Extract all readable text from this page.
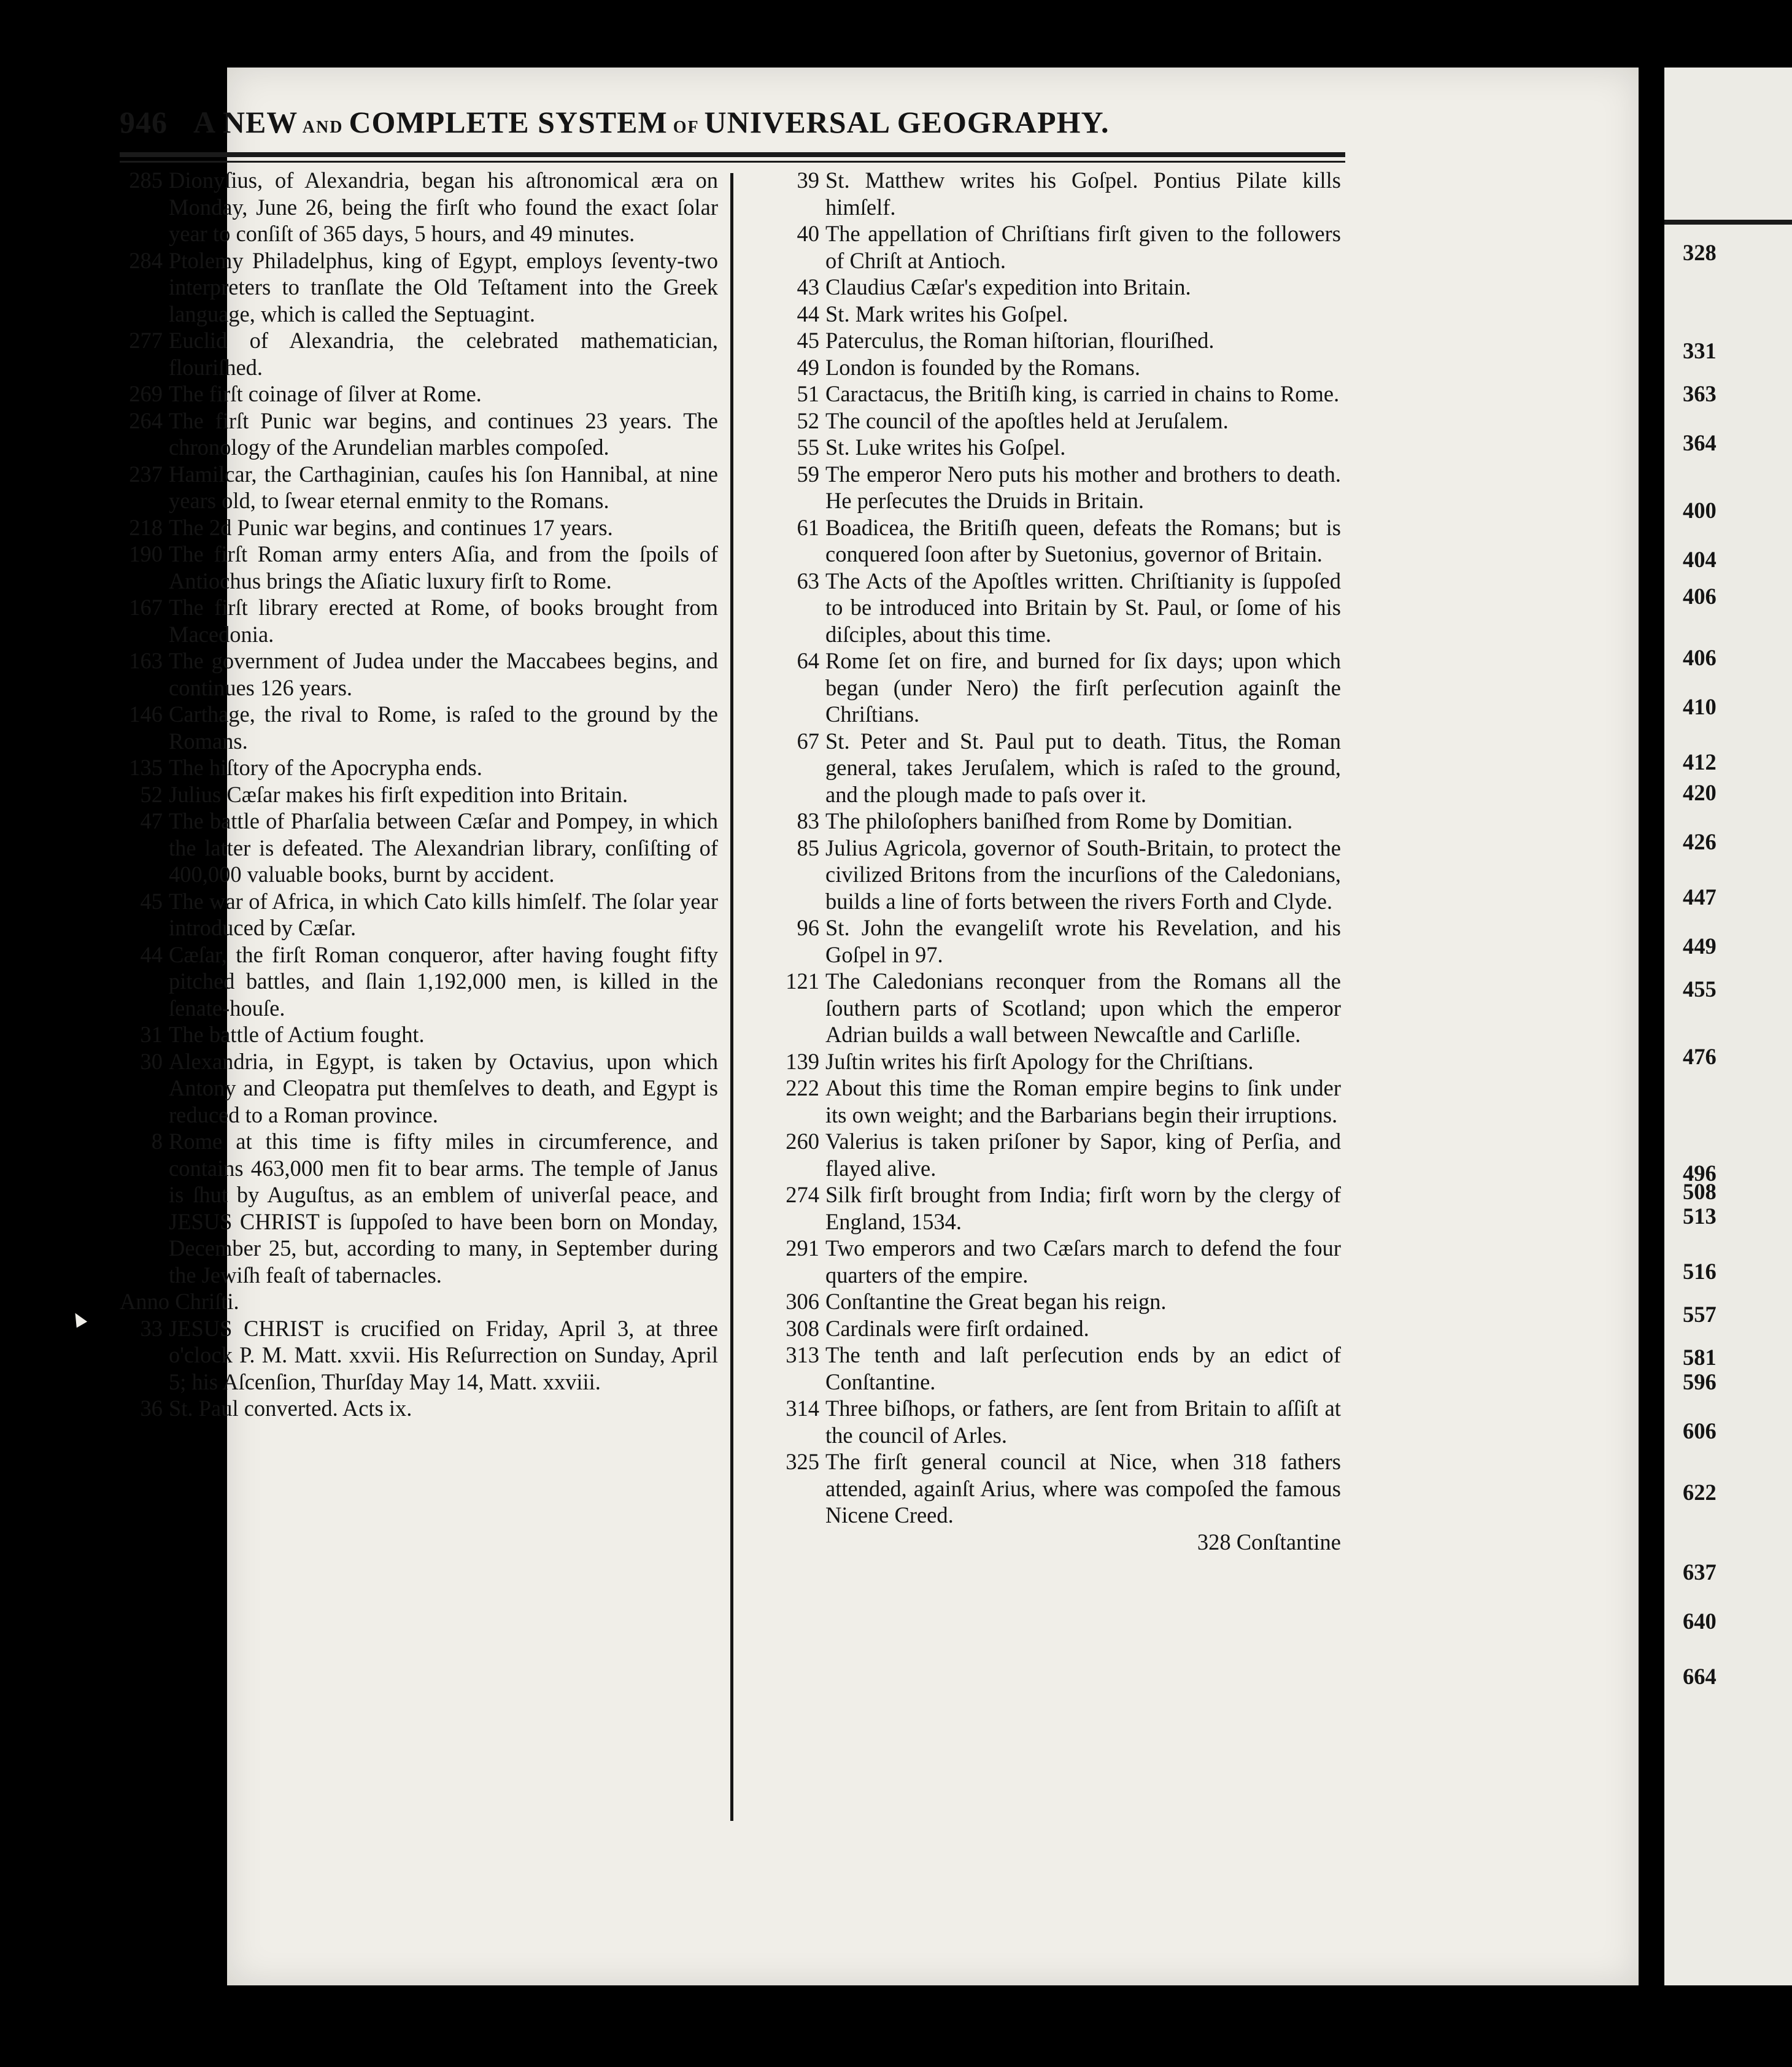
946 A NEW AND COMPLETE SYSTEM OF UNIVERSAL GEOGRAPHY.
285 Dionyſius, of Alexandria, began his aſtronomical æra on Monday, June 26, being the firſt who found the exact ſolar year to conſiſt of 365 days, 5 hours, and 49 minutes.
284 Ptolemy Philadelphus, king of Egypt, employs ſeventy-two interpreters to tranſlate the Old Teſtament into the Greek language, which is called the Septuagint.
277 Euclid of Alexandria, the celebrated mathematician, flouriſhed.
269 The firſt coinage of ſilver at Rome.
264 The firſt Punic war begins, and continues 23 years. The chronology of the Arundelian marbles compoſed.
237 Hamilcar, the Carthaginian, cauſes his ſon Hannibal, at nine years old, to ſwear eternal enmity to the Romans.
218 The 2d Punic war begins, and continues 17 years.
190 The firſt Roman army enters Aſia, and from the ſpoils of Antiochus brings the Aſiatic luxury firſt to Rome.
167 The firſt library erected at Rome, of books brought from Macedonia.
163 The government of Judea under the Maccabees begins, and continues 126 years.
146 Carthage, the rival to Rome, is raſed to the ground by the Romans.
135 The hiſtory of the Apocrypha ends.
52 Julius Cæſar makes his firſt expedition into Britain.
47 The battle of Pharſalia between Cæſar and Pompey, in which the latter is defeated. The Alexandrian library, conſiſting of 400,000 valuable books, burnt by accident.
45 The war of Africa, in which Cato kills himſelf. The ſolar year introduced by Cæſar.
44 Cæſar, the firſt Roman conqueror, after having fought fifty pitched battles, and ſlain 1,192,000 men, is killed in the ſenate-houſe.
31 The battle of Actium fought.
30 Alexandria, in Egypt, is taken by Octavius, upon which Antony and Cleopatra put themſelves to death, and Egypt is reduced to a Roman province.
8 Rome at this time is fifty miles in circumference, and contains 463,000 men fit to bear arms. The temple of Janus is ſhut by Auguſtus, as an emblem of univerſal peace, and JESUS CHRIST is ſuppoſed to have been born on Monday, December 25, but, according to many, in September during the Jewiſh feaſt of tabernacles.
Anno Chriſti.
33 JESUS CHRIST is crucified on Friday, April 3, at three o'clock P. M. Matt. xxvii. His Reſurrection on Sunday, April 5; his Aſcenſion, Thurſday May 14, Matt. xxviii.
36 St. Paul converted. Acts ix.
39 St. Matthew writes his Goſpel. Pontius Pilate kills himſelf.
40 The appellation of Chriſtians firſt given to the followers of Chriſt at Antioch.
43 Claudius Cæſar's expedition into Britain.
44 St. Mark writes his Goſpel.
45 Paterculus, the Roman hiſtorian, flouriſhed.
49 London is founded by the Romans.
51 Caractacus, the Britiſh king, is carried in chains to Rome.
52 The council of the apoſtles held at Jeruſalem.
55 St. Luke writes his Goſpel.
59 The emperor Nero puts his mother and brothers to death. He perſecutes the Druids in Britain.
61 Boadicea, the Britiſh queen, defeats the Romans; but is conquered ſoon after by Suetonius, governor of Britain.
63 The Acts of the Apoſtles written. Chriſtianity is ſuppoſed to be introduced into Britain by St. Paul, or ſome of his diſciples, about this time.
64 Rome ſet on fire, and burned for ſix days; upon which began (under Nero) the firſt perſecution againſt the Chriſtians.
67 St. Peter and St. Paul put to death. Titus, the Roman general, takes Jeruſalem, which is raſed to the ground, and the plough made to paſs over it.
83 The philoſophers baniſhed from Rome by Domitian.
85 Julius Agricola, governor of South-Britain, to protect the civilized Britons from the incurſions of the Caledonians, builds a line of forts between the rivers Forth and Clyde.
96 St. John the evangeliſt wrote his Revelation, and his Goſpel in 97.
121 The Caledonians reconquer from the Romans all the ſouthern parts of Scotland; upon which the emperor Adrian builds a wall between Newcaſtle and Carliſle.
139 Juſtin writes his firſt Apology for the Chriſtians.
222 About this time the Roman empire begins to ſink under its own weight; and the Barbarians begin their irruptions.
260 Valerius is taken priſoner by Sapor, king of Perſia, and flayed alive.
274 Silk firſt brought from India; firſt worn by the clergy of England, 1534.
291 Two emperors and two Cæſars march to defend the four quarters of the empire.
306 Conſtantine the Great began his reign.
308 Cardinals were firſt ordained.
313 The tenth and laſt perſecution ends by an edict of Conſtantine.
314 Three biſhops, or fathers, are ſent from Britain to aſſiſt at the council of Arles.
325 The firſt general council at Nice, when 318 fathers attended, againſt Arius, where was compoſed the famous Nicene Creed.
328 Conſtantine
328
331
363
364
400
404
406
406
410
412
420
426
447
449
455
476
496
508
513
516
557
581
596
606
622
637
640
664
